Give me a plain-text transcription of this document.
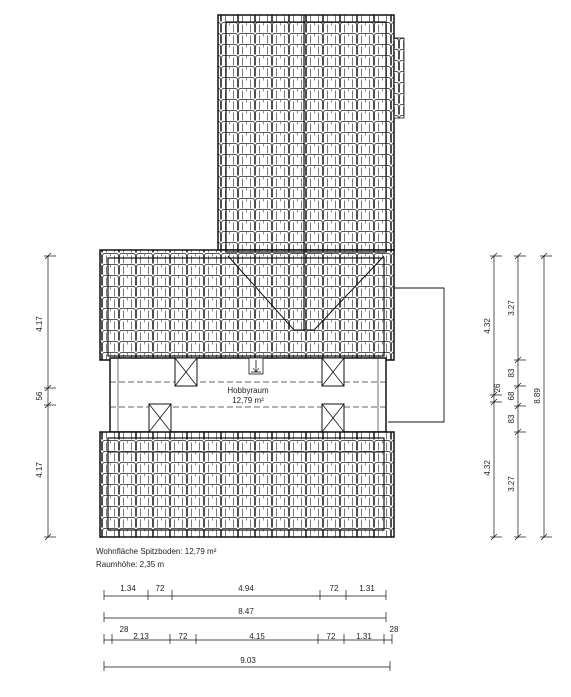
Hobbyraum
12,79 m²
4.17
56
4.17
4.32
26
4.32
3.27
83
68
83
3.27
8.89
1.34 72	4.94	72	1.31
8.47
28
2.13	72	4.15	72	1.31
28
9.03
Wohnfläche Spitzboden: 12,79 m²
Raumhöhe: 2,35 m
